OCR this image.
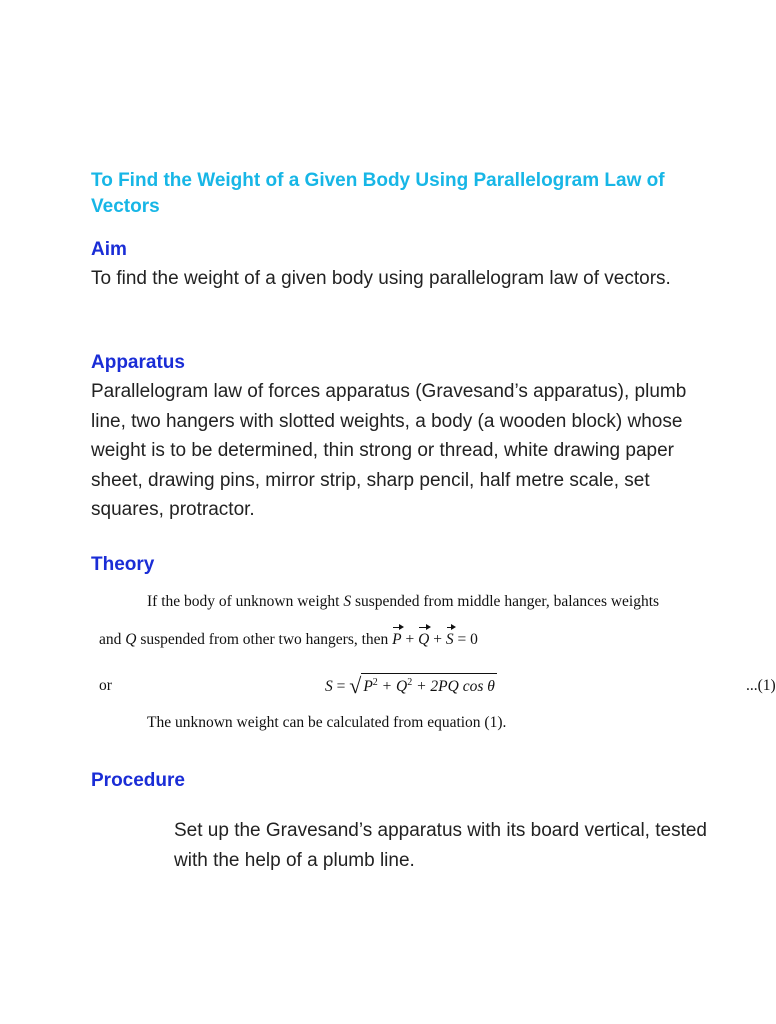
To Find the Weight of a Given Body Using Parallelogram Law of Vectors
Aim

To find the weight of a given body using parallelogram law of vectors.

Apparatus

Parallelogram law of forces apparatus (Gravesand’s apparatus), plumb line, two hangers with slotted weights, a body (a wooden block) whose weight is to be determined, thin strong or thread, white drawing paper sheet, drawing pins, mirror strip, sharp pencil, half metre scale, set squares, protractor.

Theory
If the body of unknown weight S suspended from middle hanger, balances weights
and Q suspended from other two hangers, then P + Q + S = 0
or	S = √ $P^2 + Q^2 + 2PQ$ cos θ	...(1)
The unknown weight can be calculated from equation (1).
Procedure

Set up the Gravesand’s apparatus with its board vertical, tested with the help of a plumb line.
